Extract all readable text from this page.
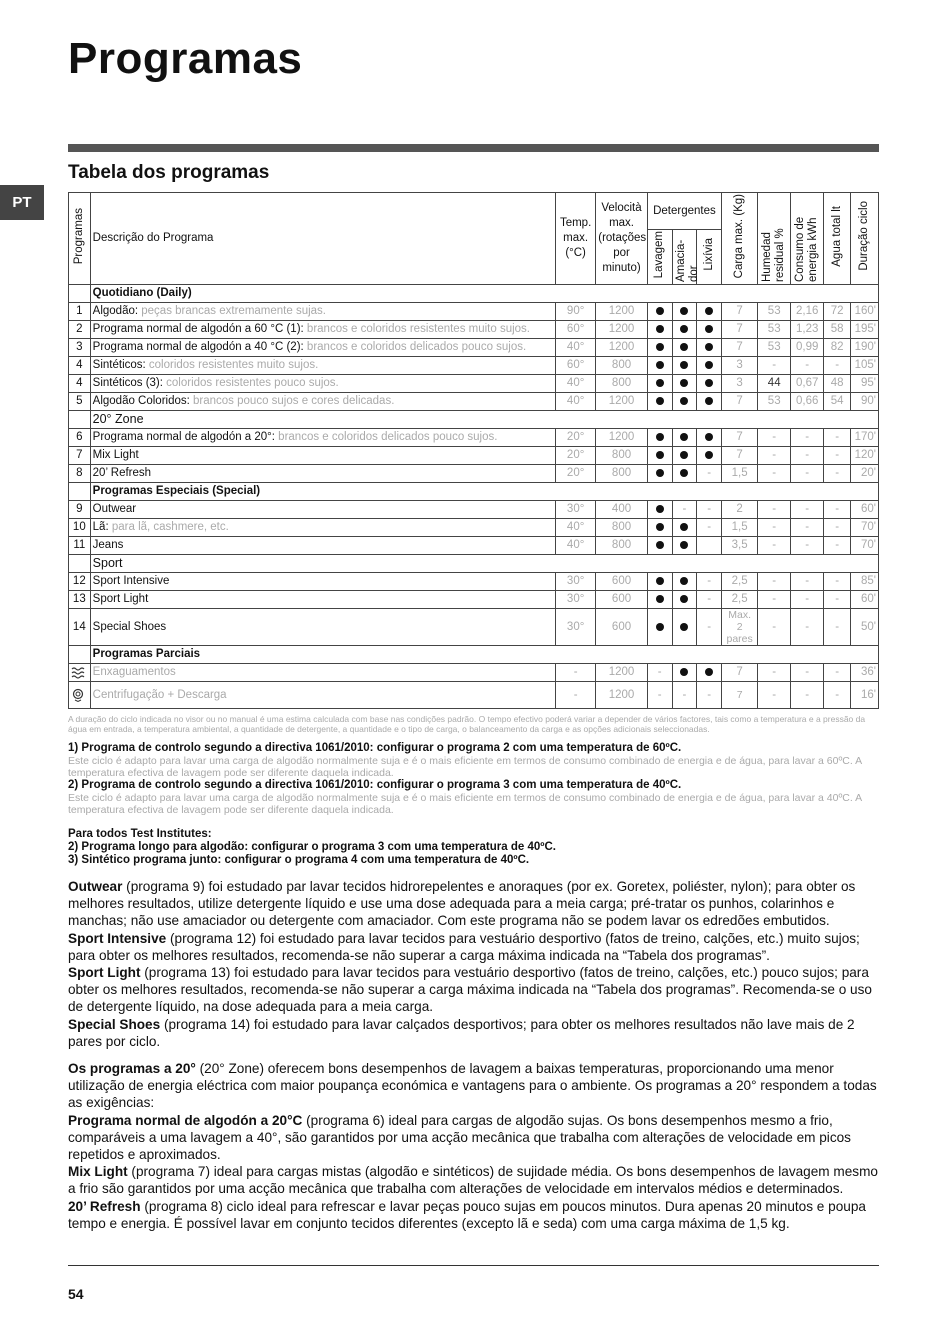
Programas
PT
Tabela dos programas
Programas	Descrição do Programa	Temp. max. (°C)	Velocità max. (rotações por minuto)	Detergentes			Carga max. (Kg)	Humedad residual %	Consumo de energia kWh	Agua total lt	Duração ciclo
				Lavagem	Amacia-dor	Lixívia					
	Quotidiano (Daily)										
1	Algodão: peças brancas extremamente sujas.	90°	1200				7	53	2,16	72	160'
2	Programa normal de algodón a 60 °C (1): brancos e coloridos resistentes muito sujos.	60°	1200				7	53	1,23	58	195'
3	Programa normal de algodón a 40 °C (2): brancos e coloridos delicados pouco sujos.	40°	1200				7	53	0,99	82	190'
4	Sintéticos: coloridos resistentes muito sujos.	60°	800				3	-	-	-	105'
4	Sintéticos (3): coloridos resistentes pouco sujos.	40°	800				3	44	0,67	48	95'
5	Algodão Coloridos: brancos pouco sujos e cores delicadas.	40°	1200				7	53	0,66	54	90'
	20° Zone										
6	Programa normal de algodón a 20°: brancos e coloridos delicados pouco sujos.	20°	1200				7	-	-	-	170'
7	Mix Light	20°	800				7	-	-	-	120'
8	20’ Refresh	20°	800			-	1,5	-	-	-	20'
	Programas Especiais (Special)										
9	Outwear	30°	400		-	-	2	-	-	-	60'
10	Lã: para lã, cashmere, etc.	40°	800			-	1,5	-	-	-	70'
11	Jeans	40°	800				3,5	-	-	-	70'
	Sport										
12	Sport Intensive	30°	600			-	2,5	-	-	-	85'
13	Sport Light	30°	600			-	2,5	-	-	-	60'
14	Special Shoes	30°	600			-	Max. 2 pares	-	-	-	50'
	Programas Parciais										
	Enxaguamentos	-	1200	-			7	-	-	-	36'
	Centrifugação + Descarga	-	1200	-	-	-	7	-	-	-	16'
A duração do ciclo indicada no visor ou no manual é uma estima calculada com base nas condições padrão. O tempo efectivo poderá variar a depender de vários factores, tais como a temperatura e a pressão da água em entrada, a temperatura ambiental, a quantidade de detergente, a quantidade e o tipo de carga, o balanceamento da carga e as opções adicionais seleccionadas.
1) Programa de controlo segundo a directiva 1061/2010: configurar o programa 2 com uma temperatura de 60ºC.
Este ciclo é adapto para lavar uma carga de algodão normalmente suja e é o mais eficiente em termos de consumo combinado de energia e de água, para lavar a 60ºC. A temperatura efectiva de lavagem pode ser diferente daquela indicada.
2) Programa de controlo segundo a directiva 1061/2010: configurar o programa 3 com uma temperatura de 40ºC.
Este ciclo é adapto para lavar uma carga de algodão normalmente suja e é o mais eficiente em termos de consumo combinado de energia e de água, para lavar a 40ºC. A temperatura efectiva de lavagem pode ser diferente daquela indicada.
Para todos Test Institutes:
2) Programa longo para algodão: configurar o programa 3 com uma temperatura de 40ºC.
3) Sintético programa junto: configurar o programa 4 com uma temperatura de 40ºC.

Outwear (programa 9) foi estudado par lavar tecidos hidrorepelentes e anoraques (por ex. Goretex, poliéster, nylon); para obter os melhores resultados, utilize detergente líquido e use uma dose adequada para a meia carga; pré-tratar os punhos, colarinhos e manchas; não use amaciador ou detergente com amaciador. Com este programa não se podem lavar os edredões embutidos.

Sport Intensive (programa 12) foi estudado para lavar tecidos para vestuário desportivo (fatos de treino, calções, etc.) muito sujos; para obter os melhores resultados, recomenda-se não superar a carga máxima indicada na “Tabela dos programas”.

Sport Light (programa 13) foi estudado para lavar tecidos para vestuário desportivo (fatos de treino, calções, etc.) pouco sujos; para obter os melhores resultados, recomenda-se não superar a carga máxima indicada na “Tabela dos programas”. Recomenda-se o uso de detergente líquido, na dose adequada para a meia carga.

Special Shoes (programa 14) foi estudado para lavar calçados desportivos; para obter os melhores resultados não lave mais de 2 pares por ciclo.

Os programas a 20° (20° Zone) oferecem bons desempenhos de lavagem a baixas temperaturas, proporcionando uma menor utilização de energia eléctrica com maior poupança económica e vantagens para o ambiente. Os programas a 20° respondem a todas as exigências:

Programa normal de algodón a 20°C (programa 6) ideal para cargas de algodão sujas. Os bons desempenhos mesmo a frio, comparáveis a uma lavagem a 40°, são garantidos por uma acção mecânica que trabalha com alterações de velocidade em picos repetidos e aproximados.

Mix Light (programa 7) ideal para cargas mistas (algodão e sintéticos) de sujidade média. Os bons desempenhos de lavagem mesmo a frio são garantidos por uma acção mecânica que trabalha com alterações de velocidade em intervalos médios e determinados.

20’ Refresh (programa 8) ciclo ideal para refrescar e lavar peças pouco sujas em poucos minutos. Dura apenas 20 minutos e poupa tempo e energia. É possível lavar em conjunto tecidos diferentes (excepto lã e seda) com uma carga máxima de 1,5 kg.

54
